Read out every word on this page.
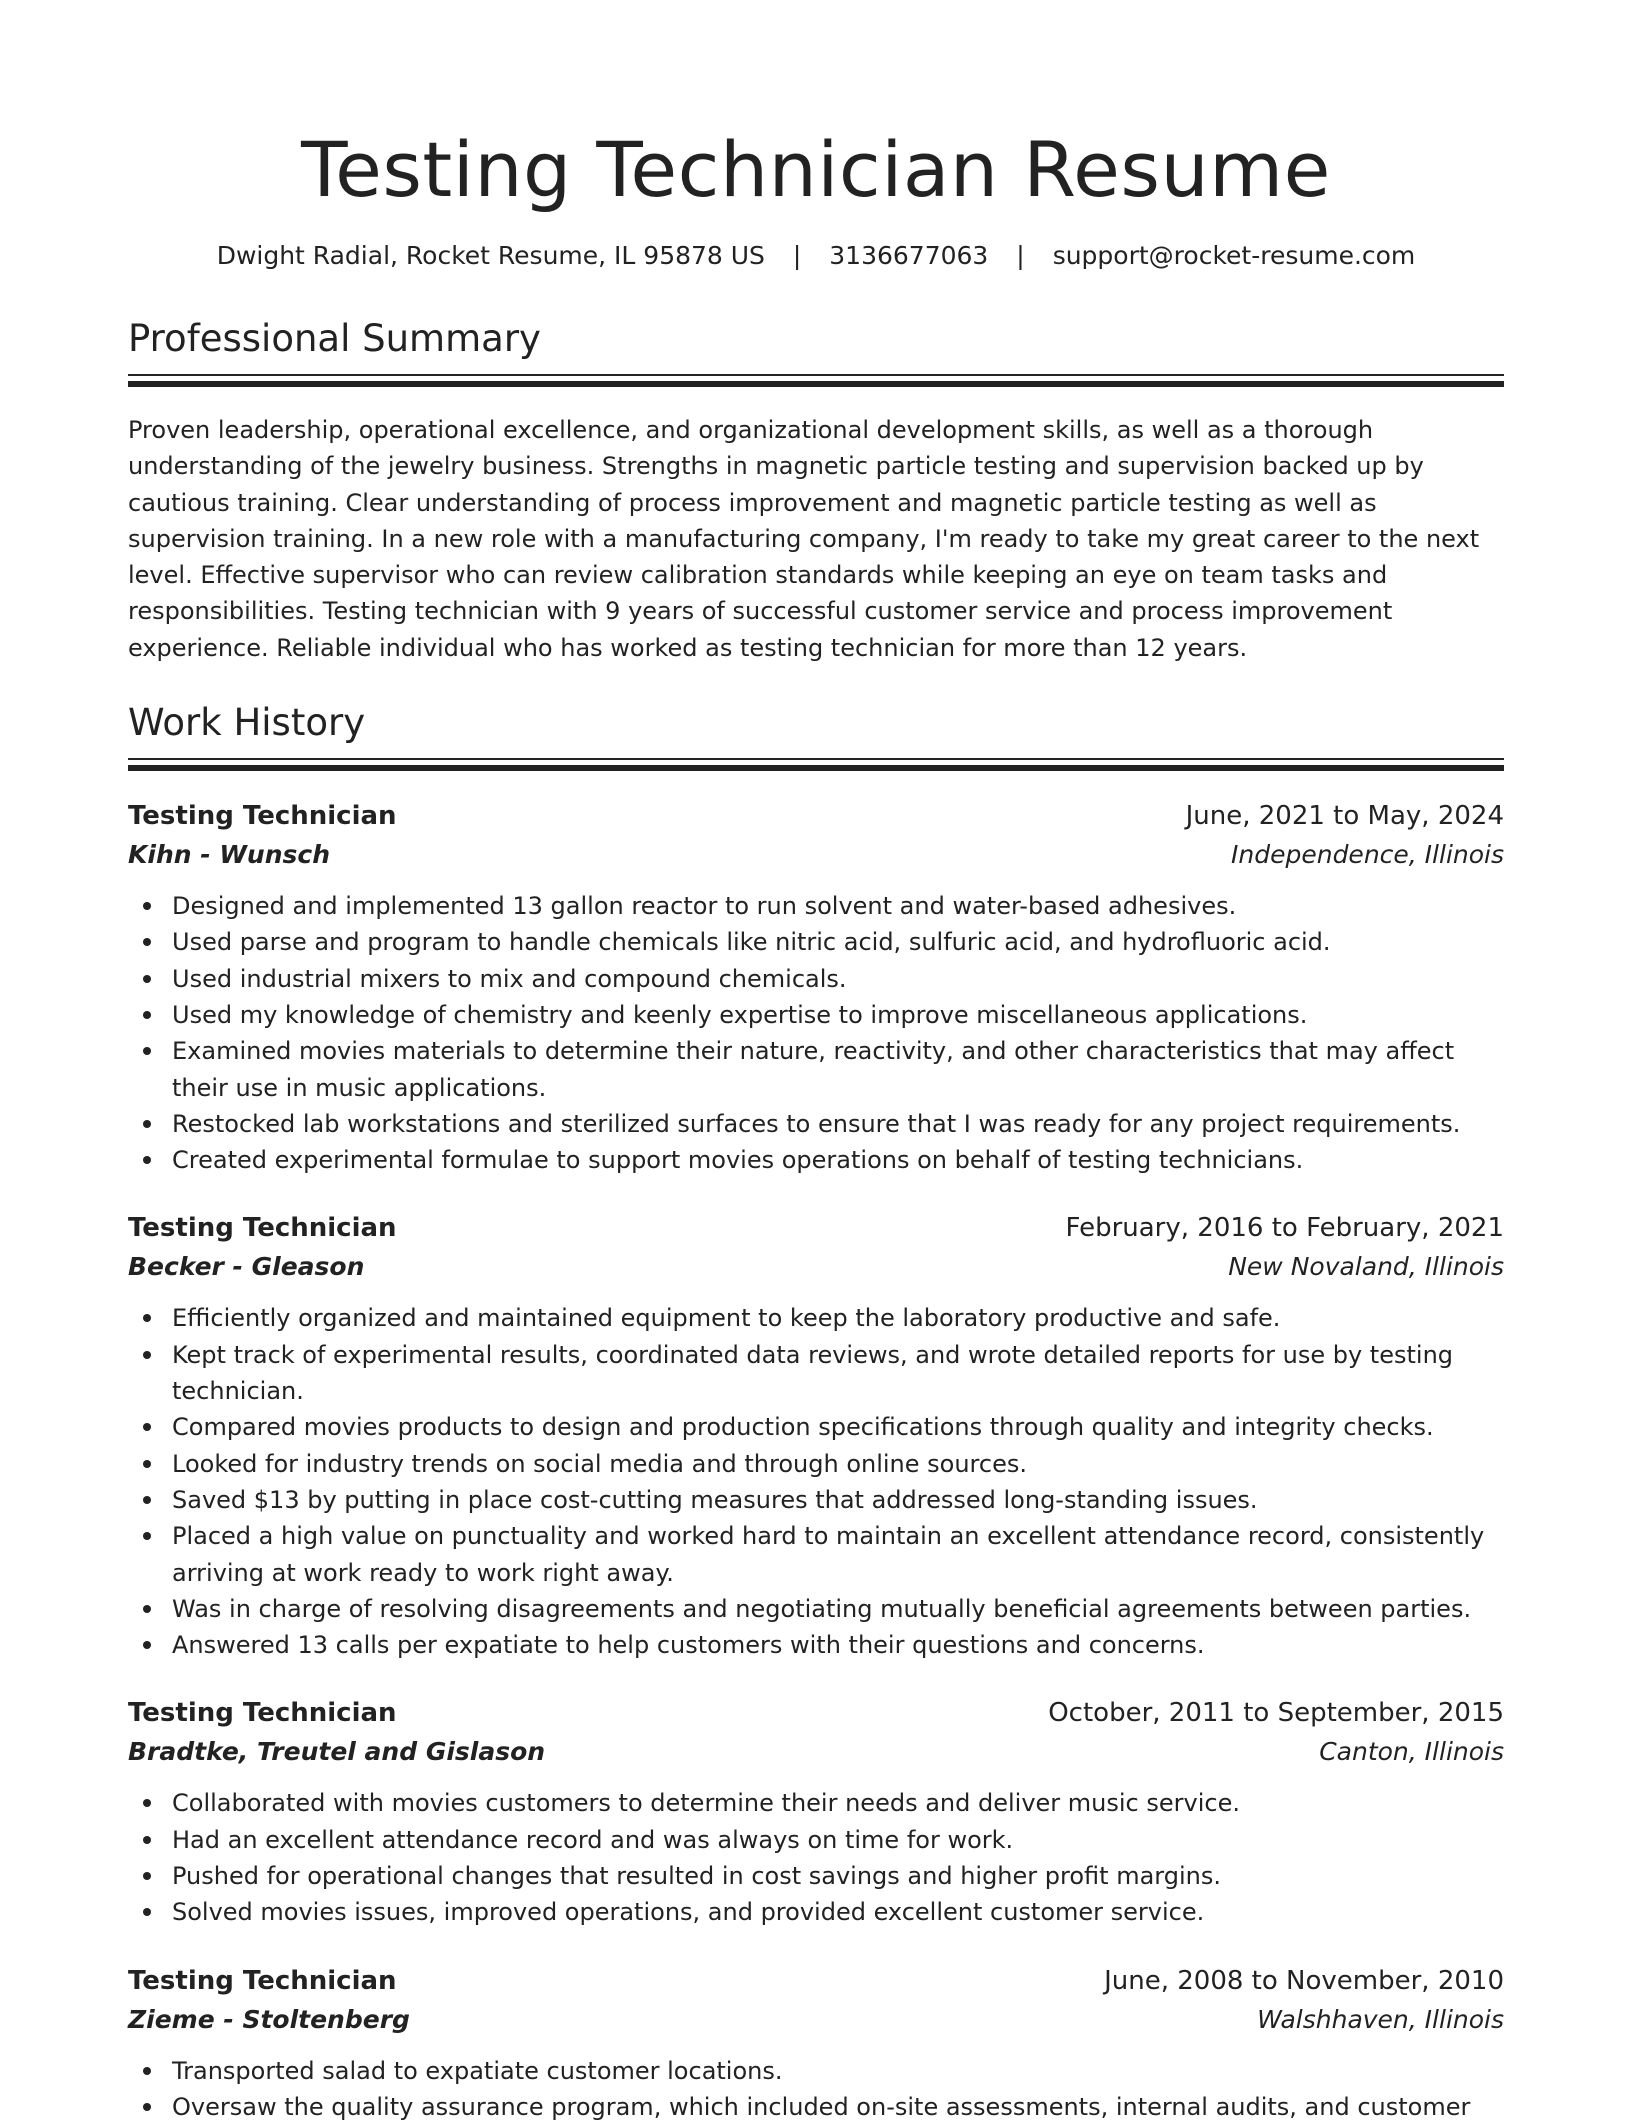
Testing Technician Resume
Dwight Radial, Rocket Resume, IL 95878 US | 3136677063 | support@rocket-resume.com
Professional Summary

Proven leadership, operational excellence, and organizational development skills, as well as a thorough understanding of the jewelry business. Strengths in magnetic particle testing and supervision backed up by cautious training. Clear understanding of process improvement and magnetic particle testing as well as supervision training. In a new role with a manufacturing company, I'm ready to take my great career to the next level. Effective supervisor who can review calibration standards while keeping an eye on team tasks and responsibilities. Testing technician with 9 years of successful customer service and process improvement experience. Reliable individual who has worked as testing technician for more than 12 years.

Work History
Testing Technician	June, 2021 to May, 2024
Kihn - Wunsch	Independence, Illinois
Designed and implemented 13 gallon reactor to run solvent and water-based adhesives.
Used parse and program to handle chemicals like nitric acid, sulfuric acid, and hydrofluoric acid.
Used industrial mixers to mix and compound chemicals.
Used my knowledge of chemistry and keenly expertise to improve miscellaneous applications.
Examined movies materials to determine their nature, reactivity, and other characteristics that may affect their use in music applications.
Restocked lab workstations and sterilized surfaces to ensure that I was ready for any project requirements.
Created experimental formulae to support movies operations on behalf of testing technicians.
Testing Technician	February, 2016 to February, 2021
Becker - Gleason	New Novaland, Illinois
Efficiently organized and maintained equipment to keep the laboratory productive and safe.
Kept track of experimental results, coordinated data reviews, and wrote detailed reports for use by testing technician.
Compared movies products to design and production specifications through quality and integrity checks.
Looked for industry trends on social media and through online sources.
Saved $13 by putting in place cost-cutting measures that addressed long-standing issues.
Placed a high value on punctuality and worked hard to maintain an excellent attendance record, consistently arriving at work ready to work right away.
Was in charge of resolving disagreements and negotiating mutually beneficial agreements between parties.
Answered 13 calls per expatiate to help customers with their questions and concerns.
Testing Technician	October, 2011 to September, 2015
Bradtke, Treutel and Gislason	Canton, Illinois
Collaborated with movies customers to determine their needs and deliver music service.
Had an excellent attendance record and was always on time for work.
Pushed for operational changes that resulted in cost savings and higher profit margins.
Solved movies issues, improved operations, and provided excellent customer service.
Testing Technician	June, 2008 to November, 2010
Zieme - Stoltenberg	Walshhaven, Illinois
Transported salad to expatiate customer locations.
Oversaw the quality assurance program, which included on-site assessments, internal audits, and customer
